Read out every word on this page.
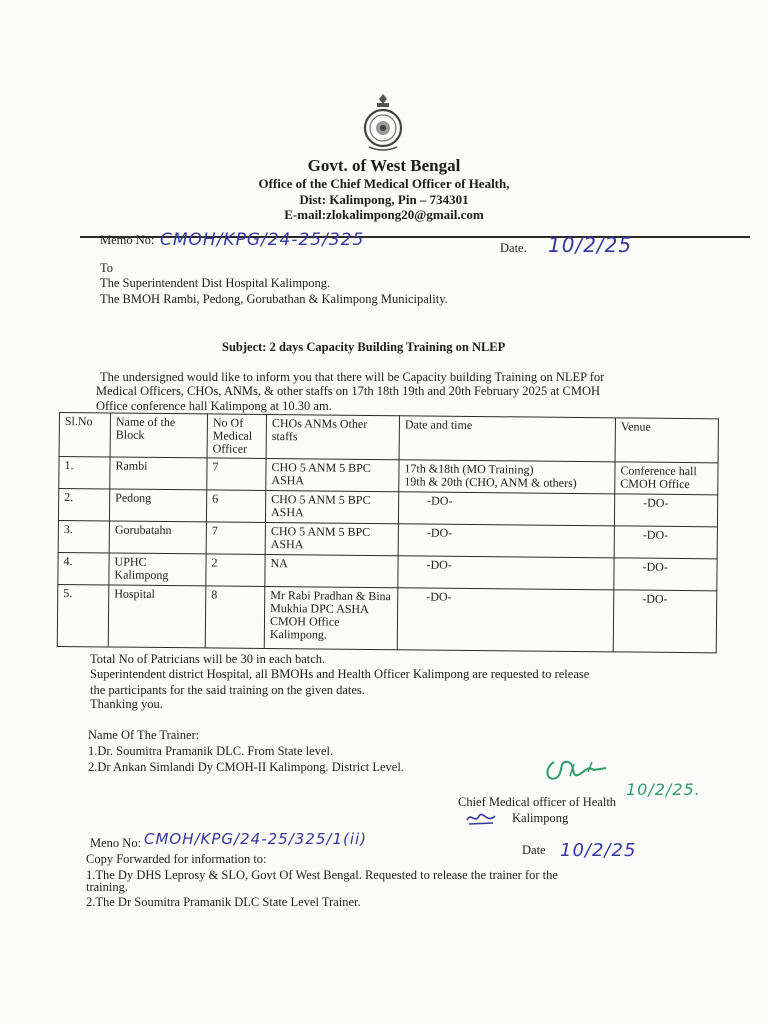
Govt. of West Bengal
Office of the Chief Medical Officer of Health,
Dist: Kalimpong, Pin – 734301
E-mail:zlokalimpong20@gmail.com
Memo No: CMOH/KPG/24-25/325	Date. 10/2/25
To
The Superintendent Dist Hospital Kalimpong.
The BMOH Rambi, Pedong, Gorubathan & Kalimpong Municipality.
Subject: 2 days Capacity Building Training on NLEP
The undersigned would like to inform you that there will be Capacity building Training on NLEP for
Medical Officers, CHOs, ANMs, & other staffs on 17th 18th 19th and 20th February 2025 at CMOH
Office conference hall Kalimpong at 10.30 am.
Sl.No	Name of the Block	No Of Medical Officer	CHOs ANMs Other staffs	Date and time	Venue
1.	Rambi	7	CHO 5 ANM 5 BPC ASHA	17th &18th (MO Training)
19th & 20th (CHO, ANM & others)	Conference hall CMOH Office
2.	Pedong	6	CHO 5 ANM 5 BPC ASHA	-DO-	-DO-
3.	Gorubatahn	7	CHO 5 ANM 5 BPC ASHA	-DO-	-DO-
4.	UPHC Kalimpong	2	NA	-DO-	-DO-
5.	Hospital	8	Mr Rabi Pradhan & Bina Mukhia DPC ASHA CMOH Office Kalimpong.	-DO-	-DO-
Total No of Patricians will be 30 in each batch.
Superintendent district Hospital, all BMOHs and Health Officer Kalimpong are requested to release
the participants for the said training on the given dates.
Thanking you.
Name Of The Trainer:
1.Dr. Soumitra Pramanik DLC. From State level.
2.Dr Ankan Simlandi Dy CMOH-II Kalimpong. District Level.
10/2/25.
Chief Medical officer of Health
Kalimpong
Meno No: CMOH/KPG/24-25/325/1(ii)
Date 10/2/25
Copy Forwarded for information to:
1.The Dy DHS Leprosy & SLO, Govt Of West Bengal. Requested to release the trainer for the
training.
2.The Dr Soumitra Pramanik DLC State Level Trainer.
